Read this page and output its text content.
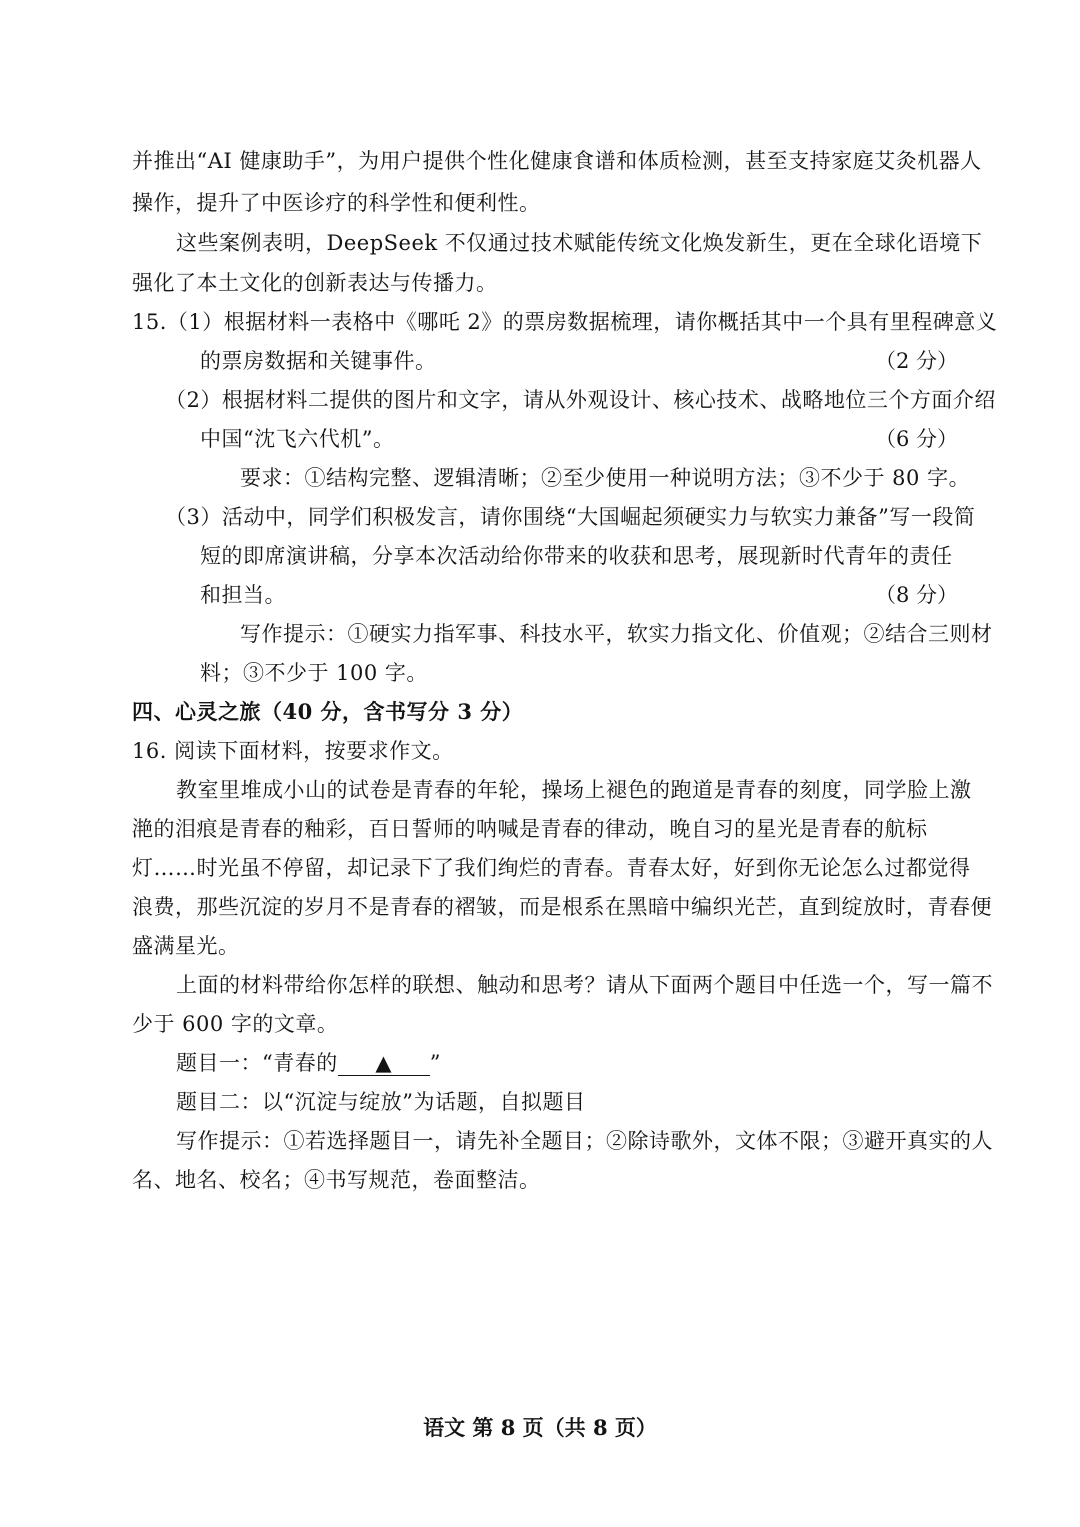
并推出“AI 健康助手”，为用户提供个性化健康食谱和体质检测，甚至支持家庭艾灸机器人
操作，提升了中医诊疗的科学性和便利性。
这些案例表明，DeepSeek 不仅通过技术赋能传统文化焕发新生，更在全球化语境下
强化了本土文化的创新表达与传播力。
15.（1）根据材料一表格中《哪吒 2》的票房数据梳理，请你概括其中一个具有里程碑意义
的票房数据和关键事件。	（2 分）
（2）根据材料二提供的图片和文字，请从外观设计、核心技术、战略地位三个方面介绍
中国“沈飞六代机”。	（6 分）
要求：①结构完整、逻辑清晰；②至少使用一种说明方法；③不少于 80 字。
（3）活动中，同学们积极发言，请你围绕“大国崛起须硬实力与软实力兼备”写一段简
短的即席演讲稿，分享本次活动给你带来的收获和思考，展现新时代青年的责任
和担当。	（8 分）
写作提示：①硬实力指军事、科技水平，软实力指文化、价值观；②结合三则材
料；③不少于 100 字。
四、心灵之旅（40 分，含书写分 3 分）
16. 阅读下面材料，按要求作文。
教室里堆成小山的试卷是青春的年轮，操场上褪色的跑道是青春的刻度，同学脸上激
滟的泪痕是青春的釉彩，百日誓师的呐喊是青春的律动，晚自习的星光是青春的航标
灯……时光虽不停留，却记录下了我们绚烂的青春。青春太好，好到你无论怎么过都觉得
浪费，那些沉淀的岁月不是青春的褶皱，而是根系在黑暗中编织光芒，直到绽放时，青春便
盛满星光。
上面的材料带给你怎样的联想、触动和思考？请从下面两个题目中任选一个，写一篇不
少于 600 字的文章。
题目一：“青春的 ▲ ”
题目二：以“沉淀与绽放”为话题，自拟题目
写作提示：①若选择题目一，请先补全题目；②除诗歌外，文体不限；③避开真实的人
名、地名、校名；④书写规范，卷面整洁。
语文 第 8 页（共 8 页）
